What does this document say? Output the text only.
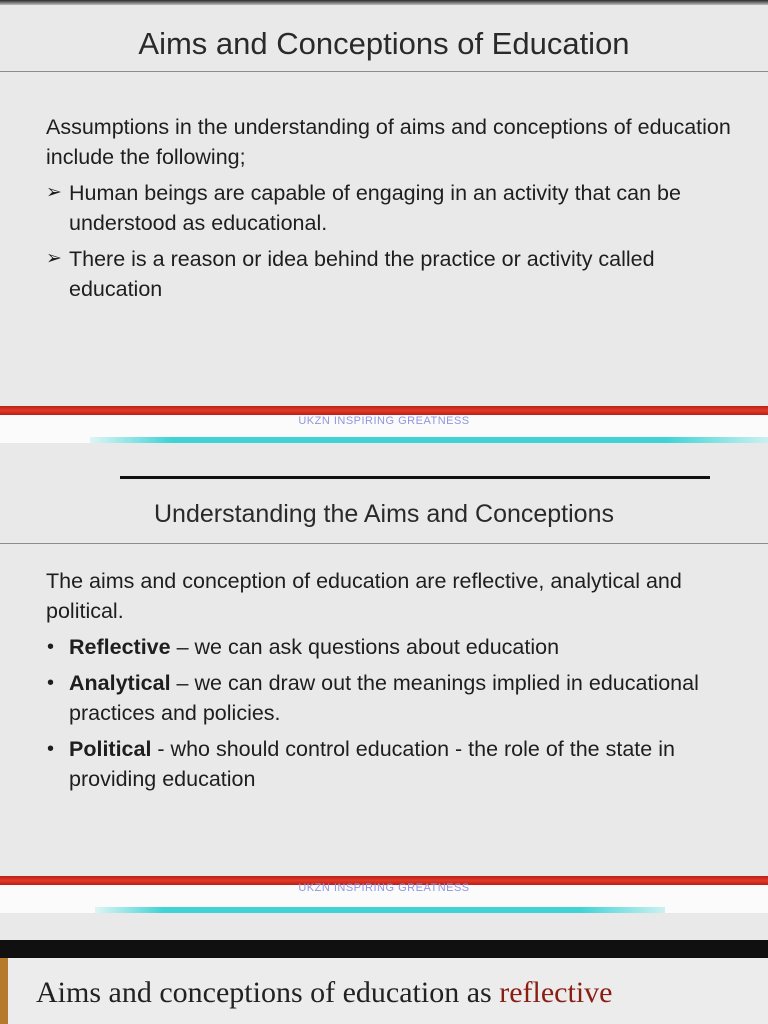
Aims and Conceptions of Education

Assumptions in the understanding of aims and conceptions of education include the following;

➢ Human beings are capable of engaging in an activity that can be understood as educational.
➢ There is a reason or idea behind the practice or activity called education

UKZN INSPIRING GREATNESS

Understanding the Aims and Conceptions

The aims and conception of education are reflective, analytical and political.

• Reflective – we can ask questions about education
• Analytical – we can draw out the meanings implied in educational practices and policies.
• Political - who should control education - the role of the state in providing education

UKZN INSPIRING GREATNESS

Aims and conceptions of education as reflective
